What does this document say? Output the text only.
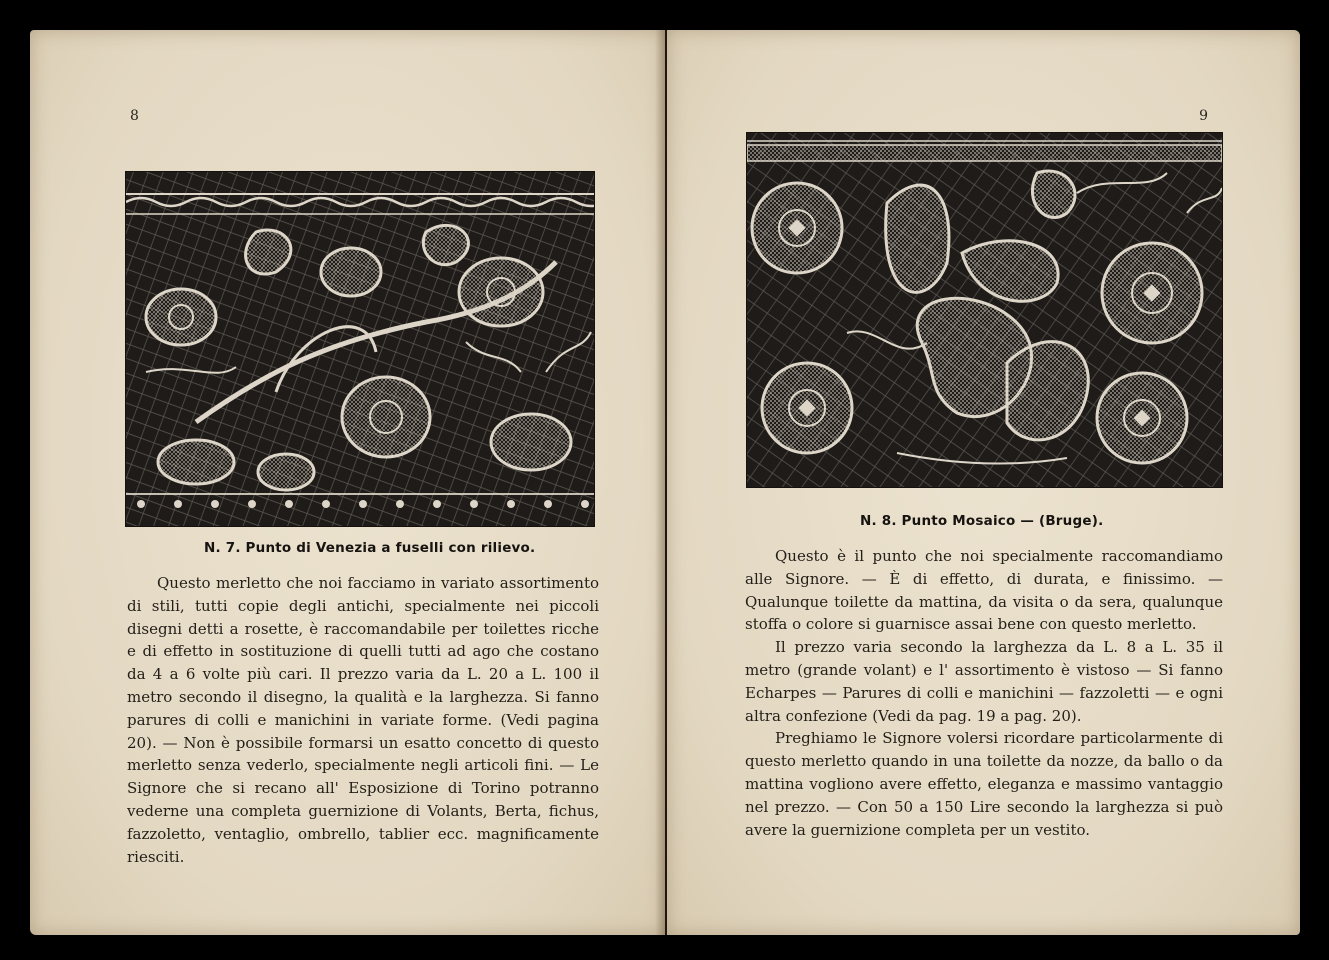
8
N. 7. Punto di Venezia a fuselli con rilievo.

Questo merletto che noi facciamo in variato assortimento di stili, tutti copie degli antichi, specialmente nei piccoli disegni detti a rosette, è raccomandabile per toilettes ricche e di effetto in sostituzione di quelli tutti ad ago che costano da 4 a 6 volte più cari. Il prezzo varia da L. 20 a L. 100 il metro secondo il disegno, la qualità e la larghezza. Si fanno parures di colli e manichini in variate forme. (Vedi pagina 20). — Non è possibile formarsi un esatto concetto di questo merletto senza vederlo, specialmente negli articoli fini. — Le Signore che si recano all' Esposizione di Torino potranno vederne una completa guernizione di Volants, Berta, fichus, fazzoletto, ventaglio, ombrello, tablier ecc. magnificamente riesciti.

9
N. 8. Punto Mosaico — (Bruge).

Questo è il punto che noi specialmente raccomandiamo alle Signore. — È di effetto, di durata, e finissimo. — Qualunque toilette da mattina, da visita o da sera, qualunque stoffa o colore si guarnisce assai bene con questo merletto.

Il prezzo varia secondo la larghezza da L. 8 a L. 35 il metro (grande volant) e l' assortimento è vistoso — Si fanno Echarpes — Parures di colli e manichini — fazzoletti — e ogni altra confezione (Vedi da pag. 19 a pag. 20).

Preghiamo le Signore volersi ricordare particolarmente di questo merletto quando in una toilette da nozze, da ballo o da mattina vogliono avere effetto, eleganza e massimo vantaggio nel prezzo. — Con 50 a 150 Lire secondo la larghezza si può avere la guernizione completa per un vestito.
